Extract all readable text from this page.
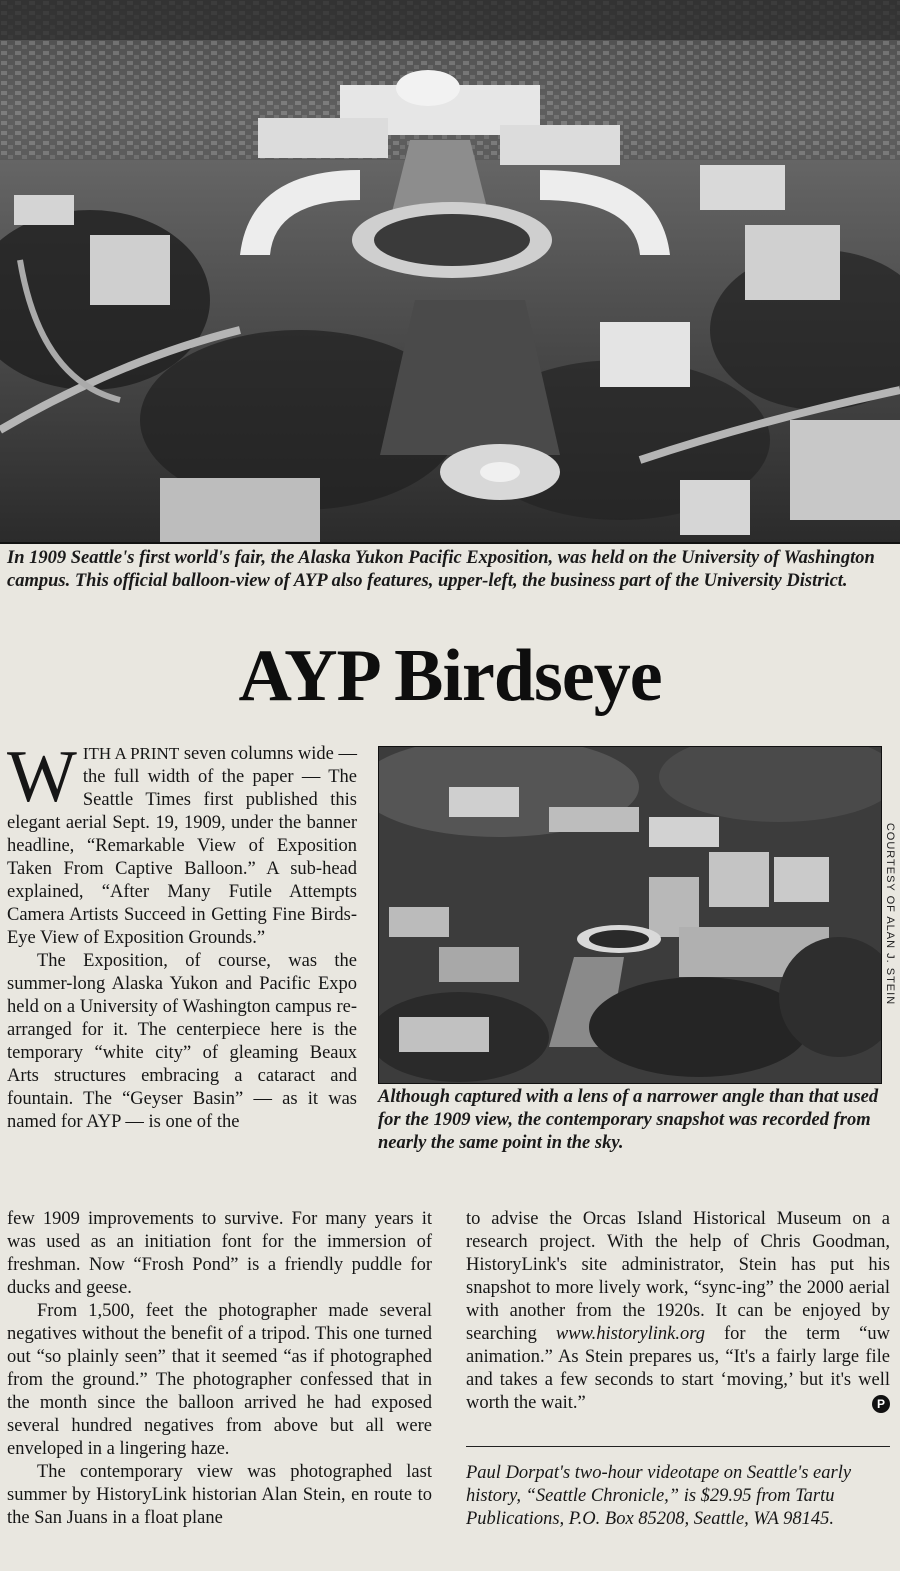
In 1909 Seattle's first world's fair, the Alaska Yukon Pacific Exposition, was held on the University of Washington campus. This official balloon-view of AYP also features, upper-left, the business part of the University District.
AYP Birdseye

WITH A PRINT seven columns wide — the full width of the paper — The Seattle Times first published this elegant aerial Sept. 19, 1909, under the banner headline, “Remarkable View of Exposition Taken From Captive Balloon.” A sub-head explained, “After Many Futile Attempts Camera Artists Succeed in Getting Fine Birds-Eye View of Exposition Grounds.”

The Exposition, of course, was the summer-long Alaska Yukon and Pacific Expo held on a University of Washington campus re-arranged for it. The centerpiece here is the temporary “white city” of gleaming Beaux Arts structures embracing a cataract and fountain. The “Geyser Basin” — as it was named for AYP — is one of the

COURTESY OF ALAN J. STEIN
Although captured with a lens of a narrower angle than that used for the 1909 view, the contemporary snapshot was recorded from nearly the same point in the sky.

few 1909 improvements to survive. For many years it was used as an initiation font for the immersion of freshman. Now “Frosh Pond” is a friendly puddle for ducks and geese.

From 1,500, feet the photographer made several negatives without the benefit of a tripod. This one turned out “so plainly seen” that it seemed “as if photographed from the ground.” The photographer confessed that in the month since the balloon arrived he had exposed several hundred negatives from above but all were enveloped in a lingering haze.

The contemporary view was photographed last summer by HistoryLink historian Alan Stein, en route to the San Juans in a float plane

to advise the Orcas Island Historical Museum on a research project. With the help of Chris Goodman, HistoryLink's site administrator, Stein has put his snapshot to more lively work, “sync-ing” the 2000 aerial with another from the 1920s. It can be enjoyed by searching www.historylink.org for the term “uw animation.” As Stein prepares us, “It's a fairly large file and takes a few seconds to start ‘moving,’ but it's well worth the wait.”	P

Paul Dorpat's two-hour videotape on Seattle's early history, “Seattle Chronicle,” is $29.95 from Tartu Publications, P.O. Box 85208, Seattle, WA 98145.
